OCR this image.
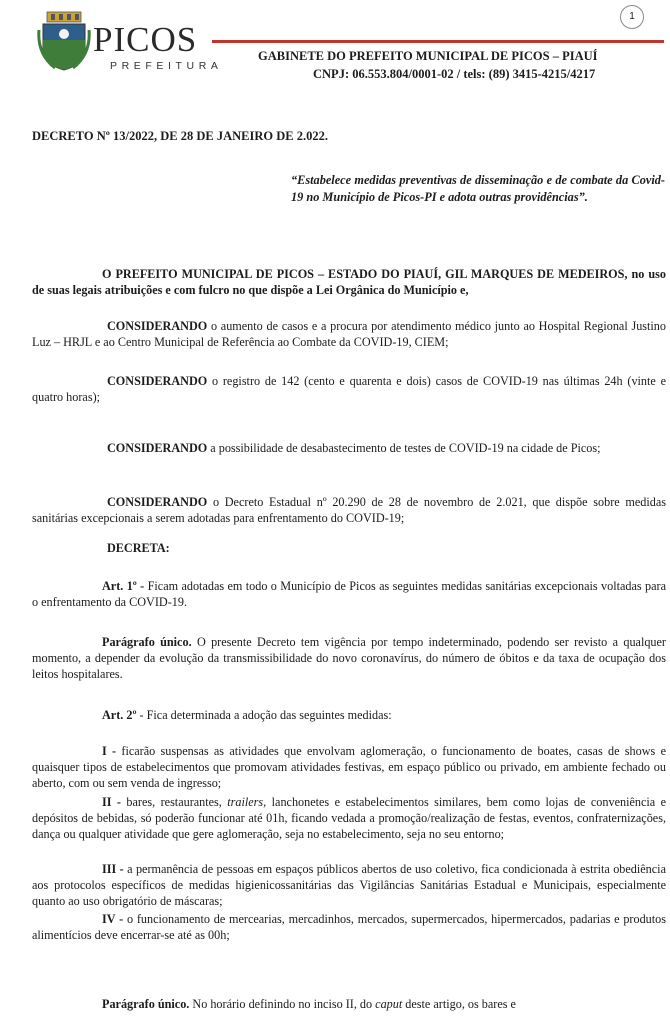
PICOS
PREFEITURA
1
GABINETE DO PREFEITO MUNICIPAL DE PICOS – PIAUÍ
CNPJ: 06.553.804/0001-02 / tels: (89) 3415-4215/4217
DECRETO Nº 13/2022, DE 28 DE JANEIRO DE 2.022.
“Estabelece medidas preventivas de disseminação e de combate da Covid-19 no Município de Picos-PI e adota outras providências”.

O PREFEITO MUNICIPAL DE PICOS – ESTADO DO PIAUÍ, GIL MARQUES DE MEDEIROS, no uso de suas legais atribuições e com fulcro no que dispõe a Lei Orgânica do Município e,

CONSIDERANDO o aumento de casos e a procura por atendimento médico junto ao Hospital Regional Justino Luz – HRJL e ao Centro Municipal de Referência ao Combate da COVID-19, CIEM;

CONSIDERANDO o registro de 142 (cento e quarenta e dois) casos de COVID-19 nas últimas 24h (vinte e quatro horas);

CONSIDERANDO a possibilidade de desabastecimento de testes de COVID-19 na cidade de Picos;

CONSIDERANDO o Decreto Estadual nº 20.290 de 28 de novembro de 2.021, que dispõe sobre medidas sanitárias excepcionais a serem adotadas para enfrentamento do COVID-19;

DECRETA:

Art. 1º - Ficam adotadas em todo o Município de Picos as seguintes medidas sanitárias excepcionais voltadas para o enfrentamento da COVID-19.

Parágrafo único. O presente Decreto tem vigência por tempo indeterminado, podendo ser revisto a qualquer momento, a depender da evolução da transmissibilidade do novo coronavírus, do número de óbitos e da taxa de ocupação dos leitos hospitalares.

Art. 2º - Fica determinada a adoção das seguintes medidas:

I - ficarão suspensas as atividades que envolvam aglomeração, o funcionamento de boates, casas de shows e quaisquer tipos de estabelecimentos que promovam atividades festivas, em espaço público ou privado, em ambiente fechado ou aberto, com ou sem venda de ingresso;

II - bares, restaurantes, trailers, lanchonetes e estabelecimentos similares, bem como lojas de conveniência e depósitos de bebidas, só poderão funcionar até 01h, ficando vedada a promoção/realização de festas, eventos, confraternizações, dança ou qualquer atividade que gere aglomeração, seja no estabelecimento, seja no seu entorno;

III - a permanência de pessoas em espaços públicos abertos de uso coletivo, fica condicionada à estrita obediência aos protocolos específicos de medidas higienicossanitárias das Vigilâncias Sanitárias Estadual e Municipais, especialmente quanto ao uso obrigatório de máscaras;

IV - o funcionamento de mercearias, mercadinhos, mercados, supermercados, hipermercados, padarias e produtos alimentícios deve encerrar-se até as 00h;

Parágrafo único. No horário definindo no inciso II, do caput deste artigo, os bares e
